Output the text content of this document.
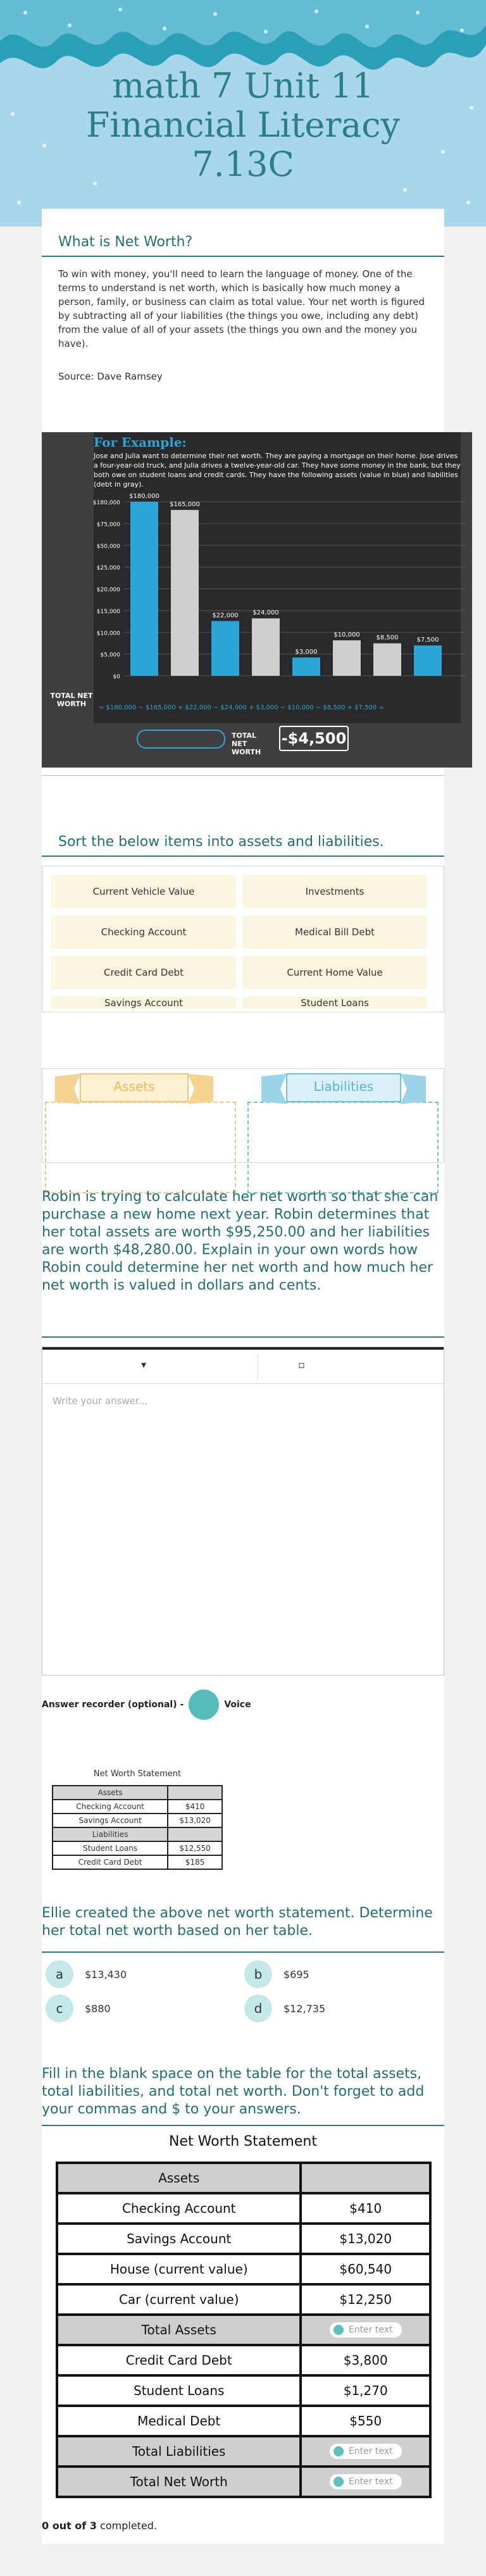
math 7 Unit 11 Financial Literacy 7.13C
What is Net Worth?
To win with money, you'll need to learn the language of money. One of the terms to understand is net worth, which is basically how much money a person, family, or business can claim as total value. Your net worth is figured by subtracting all of your liabilities (the things you owe, including any debt) from the value of all of your assets (the things you own and the money you have).
Source: Dave Ramsey
For Example:
Jose and Julia want to determine their net worth. They are paying a mortgage on their home. Jose drives a four-year-old truck, and Julia drives a twelve-year-old car. They have some money in the bank, but they both owe on student loans and credit cards. They have the following assets (value in blue) and liabilities (debt in gray).
$180,000
$75,000
$50,000
$25,000
$20,000
$15,000
$10,000
$5,000
$0
$180,000
$165,000
$22,000 $24,000
$3,000
$10,000	$8,500	$7,500
TOTAL NET WORTH	= $180,000 − $165,000 + $22,000 − $24,000 + $3,000 − $10,000 − $8,500 + $7,500 =
TOTAL NET WORTH
-$4,500
Sort the below items into assets and liabilities.
Current Vehicle Value	Investments
Checking Account	Medical Bill Debt
Credit Card Debt	Current Home Value
Savings Account	Student Loans
Assets	Liabilities
Robin is trying to calculate her net worth so that she can purchase a new home next year. Robin determines that her total assets are worth $95,250.00 and her liabilities are worth $48,280.00. Explain in your own words how Robin could determine her net worth and how much her net worth is valued in dollars and cents.
▾	▫
Write your answer...
Answer recorder (optional) -	Voice
Net Worth Statement
Assets	
Checking Account	$410
Savings Account	$13,020
Liabilities	
Student Loans	$12,550
Credit Card Debt	$185
Ellie created the above net worth statement. Determine her total net worth based on her table.
a	$13,430	b	$695
c	$880	d	$12,735
Fill in the blank space on the table for the total assets, total liabilities, and total net worth. Don't forget to add your commas and $ to your answers.
Net Worth Statement
Assets	
Checking Account	$410
Savings Account	$13,020
House (current value)	$60,540
Car (current value)	$12,250
Total Assets	Enter text

Credit Card Debt	$3,800
Student Loans	$1,270
Medical Debt	$550
Total Liabilities	Enter text

Total Net Worth	Enter text
0 out of 3 completed.
